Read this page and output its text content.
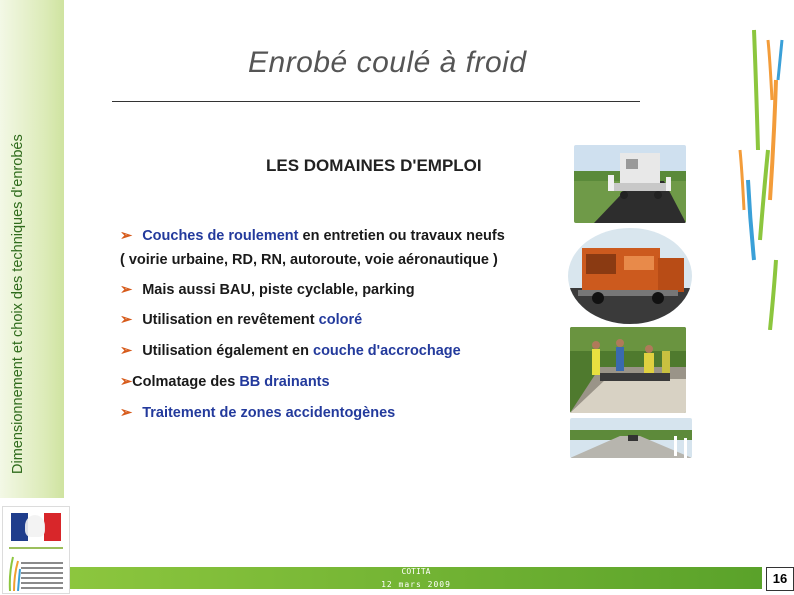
Dimensionnement et choix des techniques d'enrobés
Enrobé coulé à froid
LES DOMAINES D'EMPLOI
➢ Couches de roulement en entretien ou travaux neufs
( voirie urbaine, RD, RN, autoroute, voie aéronautique )
➢ Mais aussi BAU, piste cyclable, parking
➢ Utilisation en revêtement coloré
➢ Utilisation également en couche d'accrochage
➢Colmatage des BB drainants
➢ Traitement de zones accidentogènes
COTITA
12 mars 2009	16
